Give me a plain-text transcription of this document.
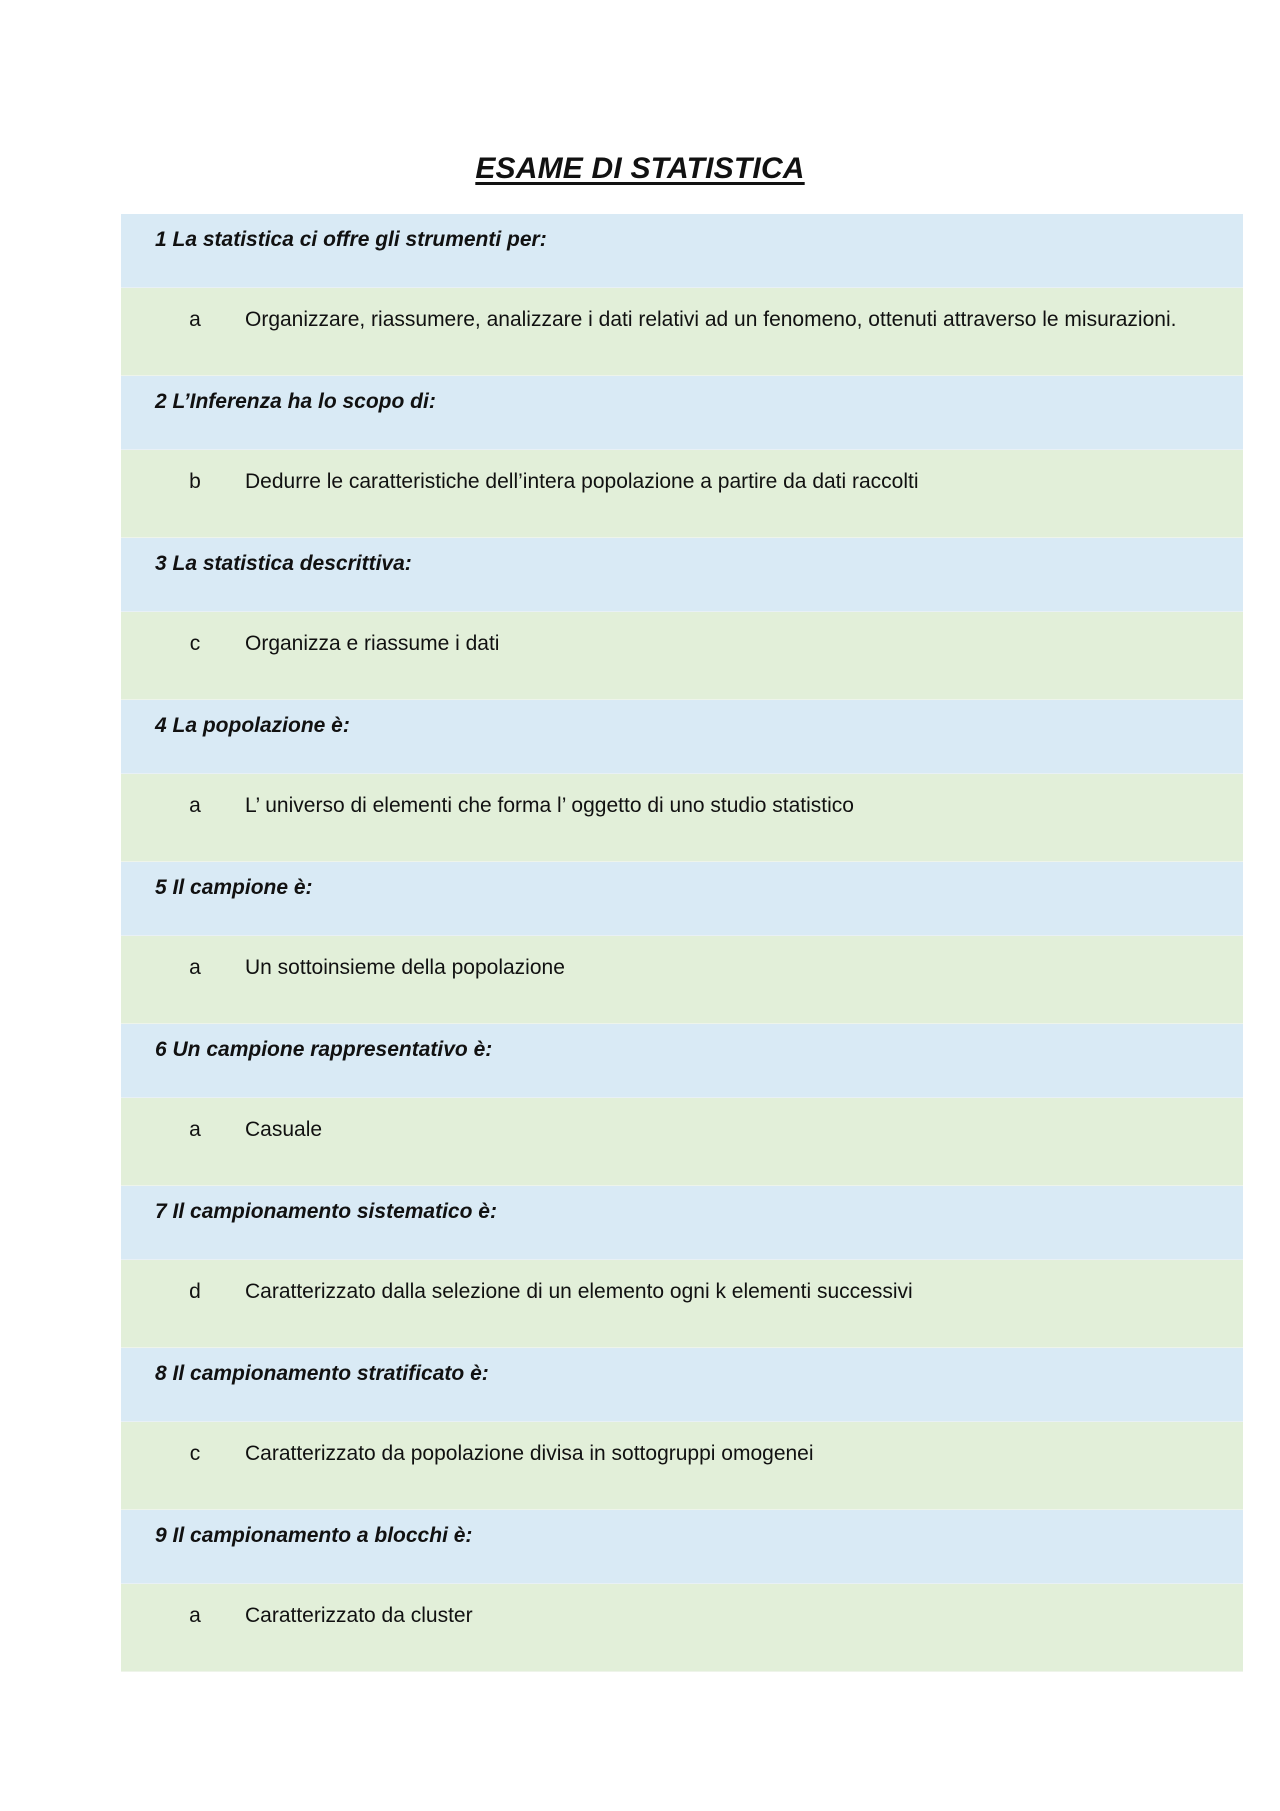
ESAME DI STATISTICA
1 La statistica ci offre gli strumenti per:
a	Organizzare, riassumere, analizzare i dati relativi ad un fenomeno, ottenuti attraverso le misurazioni.
2 L’Inferenza ha lo scopo di:
b	Dedurre le caratteristiche dell’intera popolazione a partire da dati raccolti
3 La statistica descrittiva:
c	Organizza e riassume i dati
4 La popolazione è:
a	L’ universo di elementi che forma l’ oggetto di uno studio statistico
5 Il campione è:
a	Un sottoinsieme della popolazione
6 Un campione rappresentativo è:
a	Casuale
7 Il campionamento sistematico è:
d	Caratterizzato dalla selezione di un elemento ogni k elementi successivi
8 Il campionamento stratificato è:
c	Caratterizzato da popolazione divisa in sottogruppi omogenei
9 Il campionamento a blocchi è:
a	Caratterizzato da cluster
